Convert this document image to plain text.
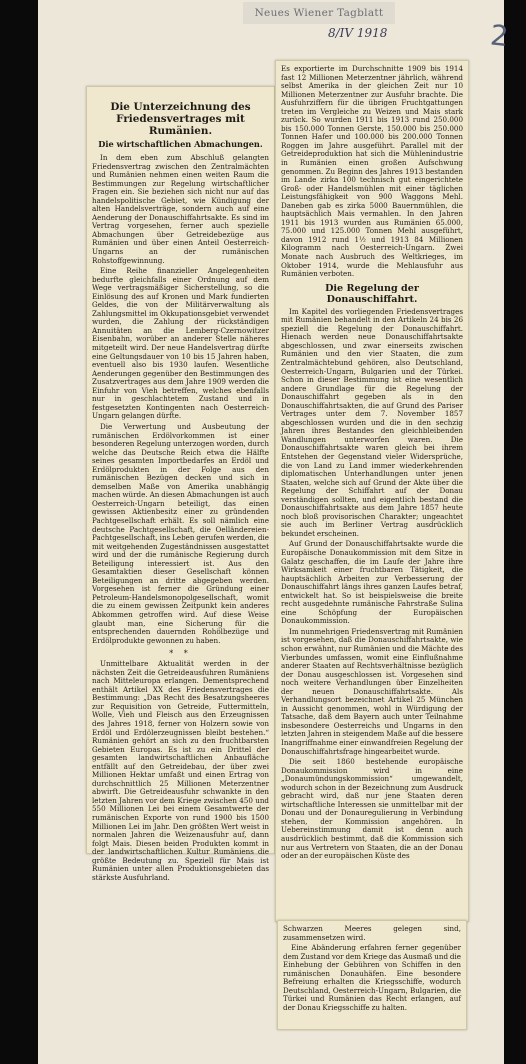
Neues Wiener Tagblatt
8/IV 1918	2
Die Unterzeichnung des Friedensvertrages mit Rumänien.
Die wirtschaftlichen Abmachungen.

In dem eben zum Abschluß gelangten Friedensvertrag zwischen den Zentralmächten und Rumänien nehmen einen weiten Raum die Bestimmungen zur Regelung wirtschaftlicher Fragen ein. Sie beziehen sich nicht nur auf das handelspolitische Gebiet, wie Kündigung der alten Handelsverträge, sondern auch auf eine Aenderung der Donauschiffahrtsakte. Es sind im Vertrag vorgesehen, ferner auch spezielle Abmachungen über Getreidebezüge aus Rumänien und über einen Anteil Oesterreich-Ungarns an der rumänischen Rohstoffgewinnung.

Eine Reihe finanzieller Angelegenheiten bedurfte gleichfalls einer Ordnung auf dem Wege vertragsmäßiger Sicherstellung, so die Einlösung des auf Kronen und Mark fundierten Geldes, die von der Militärverwaltung als Zahlungsmittel im Okkupationsgebiet verwendet wurden, die Zahlung der rückständigen Annuitäten an die Lemberg-Czernowitzer Eisenbahn, worüber an anderer Stelle näheres mitgeteilt wird. Der neue Handelsvertrag dürfte eine Geltungsdauer von 10 bis 15 Jahren haben, eventuell also bis 1930 laufen. Wesentliche Aenderungen gegenüber den Bestimmungen des Zusatzvertrages aus dem Jahre 1909 werden die Einfuhr von Vieh betreffen, welches ebenfalls nur in geschlachtetem Zustand und in festgesetzten Kontingenten nach Oesterreich-Ungarn gelangen dürfte.

Die Verwertung und Ausbeutung der rumänischen Erdölvorkommen ist einer besonderen Regelung unterzogen worden, durch welche das Deutsche Reich etwa die Hälfte seines gesamten Importbedarfes an Erdöl und Erdölprodukten in der Folge aus den rumänischen Bezügen decken und sich in demselben Maße von Amerika unabhängig machen würde. An diesen Abmachungen ist auch Oesterreich-Ungarn beteiligt, das einen gewissen Aktienbesitz einer zu gründenden Pachtgesellschaft erhält. Es soll nämlich eine deutsche Pachtgesellschaft, die Oelländereien-Pachtgesellschaft, ins Leben gerufen werden, die mit weitgehenden Zugeständnissen ausgestattet wird und der die rumänische Regierung durch Beteiligung interessiert ist. Aus den Gesamtaktien dieser Gesellschaft können Beteiligungen an dritte abgegeben werden. Vorgesehen ist ferner die Gründung einer Petroleum-Handelsmonopolgesellschaft, womit die zu einem gewissen Zeitpunkt kein anderes Abkommen getroffen wird. Auf diese Weise glaubt man, eine Sicherung für die entsprechenden dauernden Rohölbezüge und Erdölprodukte gewonnen zu haben.

* *

Unmittelbare Aktualität werden in der nächsten Zeit die Getreideausfuhren Rumäniens nach Mitteleuropa erlangen. Dementsprechend enthält Artikel XX des Friedensvertrages die Bestimmung: „Das Recht des Besatzungsheeres zur Requisition von Getreide, Futtermitteln, Wolle, Vieh und Fleisch aus den Erzeugnissen des Jahres 1918, ferner von Holzern sowie von Erdöl und Erdölerzeugnissen bleibt bestehen.“ Rumänien gehört an sich zu den fruchtbarsten Gebieten Europas. Es ist zu ein Drittel der gesamten landwirtschaftlichen Anbaufläche entfällt auf den Getreidebau, der über zwei Millionen Hektar umfaßt und einen Ertrag von durchschnittlich 25 Millionen Meterzentner abwirft. Die Getreideausfuhr schwankte in den letzten Jahren vor dem Kriege zwischen 450 und 550 Millionen Lei bei einem Gesamtwerte der rumänischen Exporte von rund 1900 bis 1500 Millionen Lei im Jahr. Den größten Wert weist in normalen Jahren die Weizenausfuhr auf, dann folgt Mais. Diesen beiden Produkten kommt in der landwirtschaftlichen Kultur Rumäniens die größte Bedeutung zu. Speziell für Mais ist Rumänien unter allen Produktionsgebieten das stärkste Ausfuhrland.

Es exportierte im Durchschnitte 1909 bis 1914 fast 12 Millionen Meterzentner jährlich, während selbst Amerika in der gleichen Zeit nur 10 Millionen Meterzentner zur Ausfuhr brachte. Die Ausfuhrziffern für die übrigen Fruchtgattungen treten im Vergleiche zu Weizen und Mais stark zurück. So wurden 1911 bis 1913 rund 250.000 bis 150.000 Tonnen Gerste, 150.000 bis 250.000 Tonnen Hafer und 100.000 bis 200.000 Tonnen Roggen im Jahre ausgeführt. Parallel mit der Getreideproduktion hat sich die Mühlenindustrie in Rumänien einen großen Aufschwung genommen. Zu Beginn des Jahres 1913 bestanden im Lande zirka 100 technisch gut eingerichtete Groß- oder Handelsmühlen mit einer täglichen Leistungsfähigkeit von 900 Waggons Mehl. Daneben gab es zirka 5000 Bauernmühlen, die hauptsächlich Mais vermahlen. In den Jahren 1911 bis 1913 wurden aus Rumänien 65.000, 75.000 und 125.000 Tonnen Mehl ausgeführt, davon 1912 rund 1½ und 1913 84 Millionen Kilogramm nach Oesterreich-Ungarn. Zwei Monate nach Ausbruch des Weltkrieges, im Oktober 1914, wurde die Mehlausfuhr aus Rumänien verboten.

Die Regelung der Donauschiffahrt.

Im Kapitel des vorliegenden Friedensvertrages mit Rumänien behandelt in den Artikeln 24 bis 26 speziell die Regelung der Donauschiffahrt. Hienach werden neue Donauschiffahrtsakte abgeschlossen, und zwar einerseits zwischen Rumänien und den vier Staaten, die zum Zentralmächtebund gehören, also Deutschland, Oesterreich-Ungarn, Bulgarien und der Türkei. Schon in dieser Bestimmung ist eine wesentlich andere Grundlage für die Regelung der Donauschiffahrt gegeben als in den Donauschiffahrtsakten, die auf Grund des Pariser Vertrages unter dem 7. November 1857 abgeschlossen wurden und die in den sechzig Jahren ihres Bestandes den gleichbleibenden Wandlungen unterworfen waren. Die Donauschiffahrtsakte waren gleich bei ihrem Entstehen der Gegenstand vieler Widersprüche, die von Land zu Land immer wiederkehrenden diplomatischen Unterhandlungen unter jenen Staaten, welche sich auf Grund der Akte über die Regelung der Schiffahrt auf der Donau verständigen sollten, und eigentlich bestand die Donauschiffahrtsakte aus dem Jahre 1857 heute noch bloß provisorischen Charakter; ungeachtet sie auch im Berliner Vertrag ausdrücklich bekundet erscheinen.

Auf Grund der Donauschiffahrtsakte wurde die Europäische Donaukommission mit dem Sitze in Galatz geschaffen, die im Laufe der Jahre ihre Wirksamkeit einer fruchtbaren Tätigkeit, die hauptsächlich Arbeiten zur Verbesserung der Donauschiffahrt längs ihres ganzen Laufes betraf, entwickelt hat. So ist beispielsweise die breite recht ausgedehnte rumänische Fahrstraße Sulina eine Schöpfung der Europäischen Donaukommission.

Im nunmehrigen Friedensvertrag mit Rumänien ist vorgesehen, daß die Donauschiffahrtsakte, wie schon erwähnt, nur Rumänien und die Mächte des Vierbundes umfassen, womit eine Einflußnahme anderer Staaten auf Rechtsverhältnisse bezüglich der Donau ausgeschlossen ist. Vorgesehen sind noch weitere Verhandlungen über Einzelheiten der neuen Donauschiffahrtsakte. Als Verhandlungsort bezeichnet Artikel 25 München in Aussicht genommen, wohl in Würdigung der Tatsache, daß dem Bayern auch unter Teilnahme insbesondere Oesterreichs und Ungarns in den letzten Jahren in steigendem Maße auf die bessere Inangriffnahme einer einwandfreien Regelung der Donauschiffahrtsfrage hingearbeitet wurde.

Die seit 1860 bestehende europäische Donaukommission wird in eine „Donaumündungskommission“ umgewandelt, wodurch schon in der Bezeichnung zum Ausdruck gebracht wird, daß nur jene Staaten deren wirtschaftliche Interessen sie unmittelbar mit der Donau und der Donauregulierung in Verbindung stehen, der Kommission angehören. In Uebereinstimmung damit ist denn auch ausdrücklich bestimmt, daß die Kommission sich nur aus Vertretern von Staaten, die an der Donau oder an der europäischen Küste des

Schwarzen Meeres gelegen sind, zusammensetzen wird.

Eine Abänderung erfahren ferner gegenüber dem Zustand vor dem Kriege das Ausmaß und die Einhebung der Gebühren von Schiffen in den rumänischen Donauhäfen. Eine besondere Befreiung erhalten die Kriegsschiffe, wodurch Deutschland, Oesterreich-Ungarn, Bulgarien, die Türkei und Rumänien das Recht erlangen, auf der Donau Kriegsschiffe zu halten.
